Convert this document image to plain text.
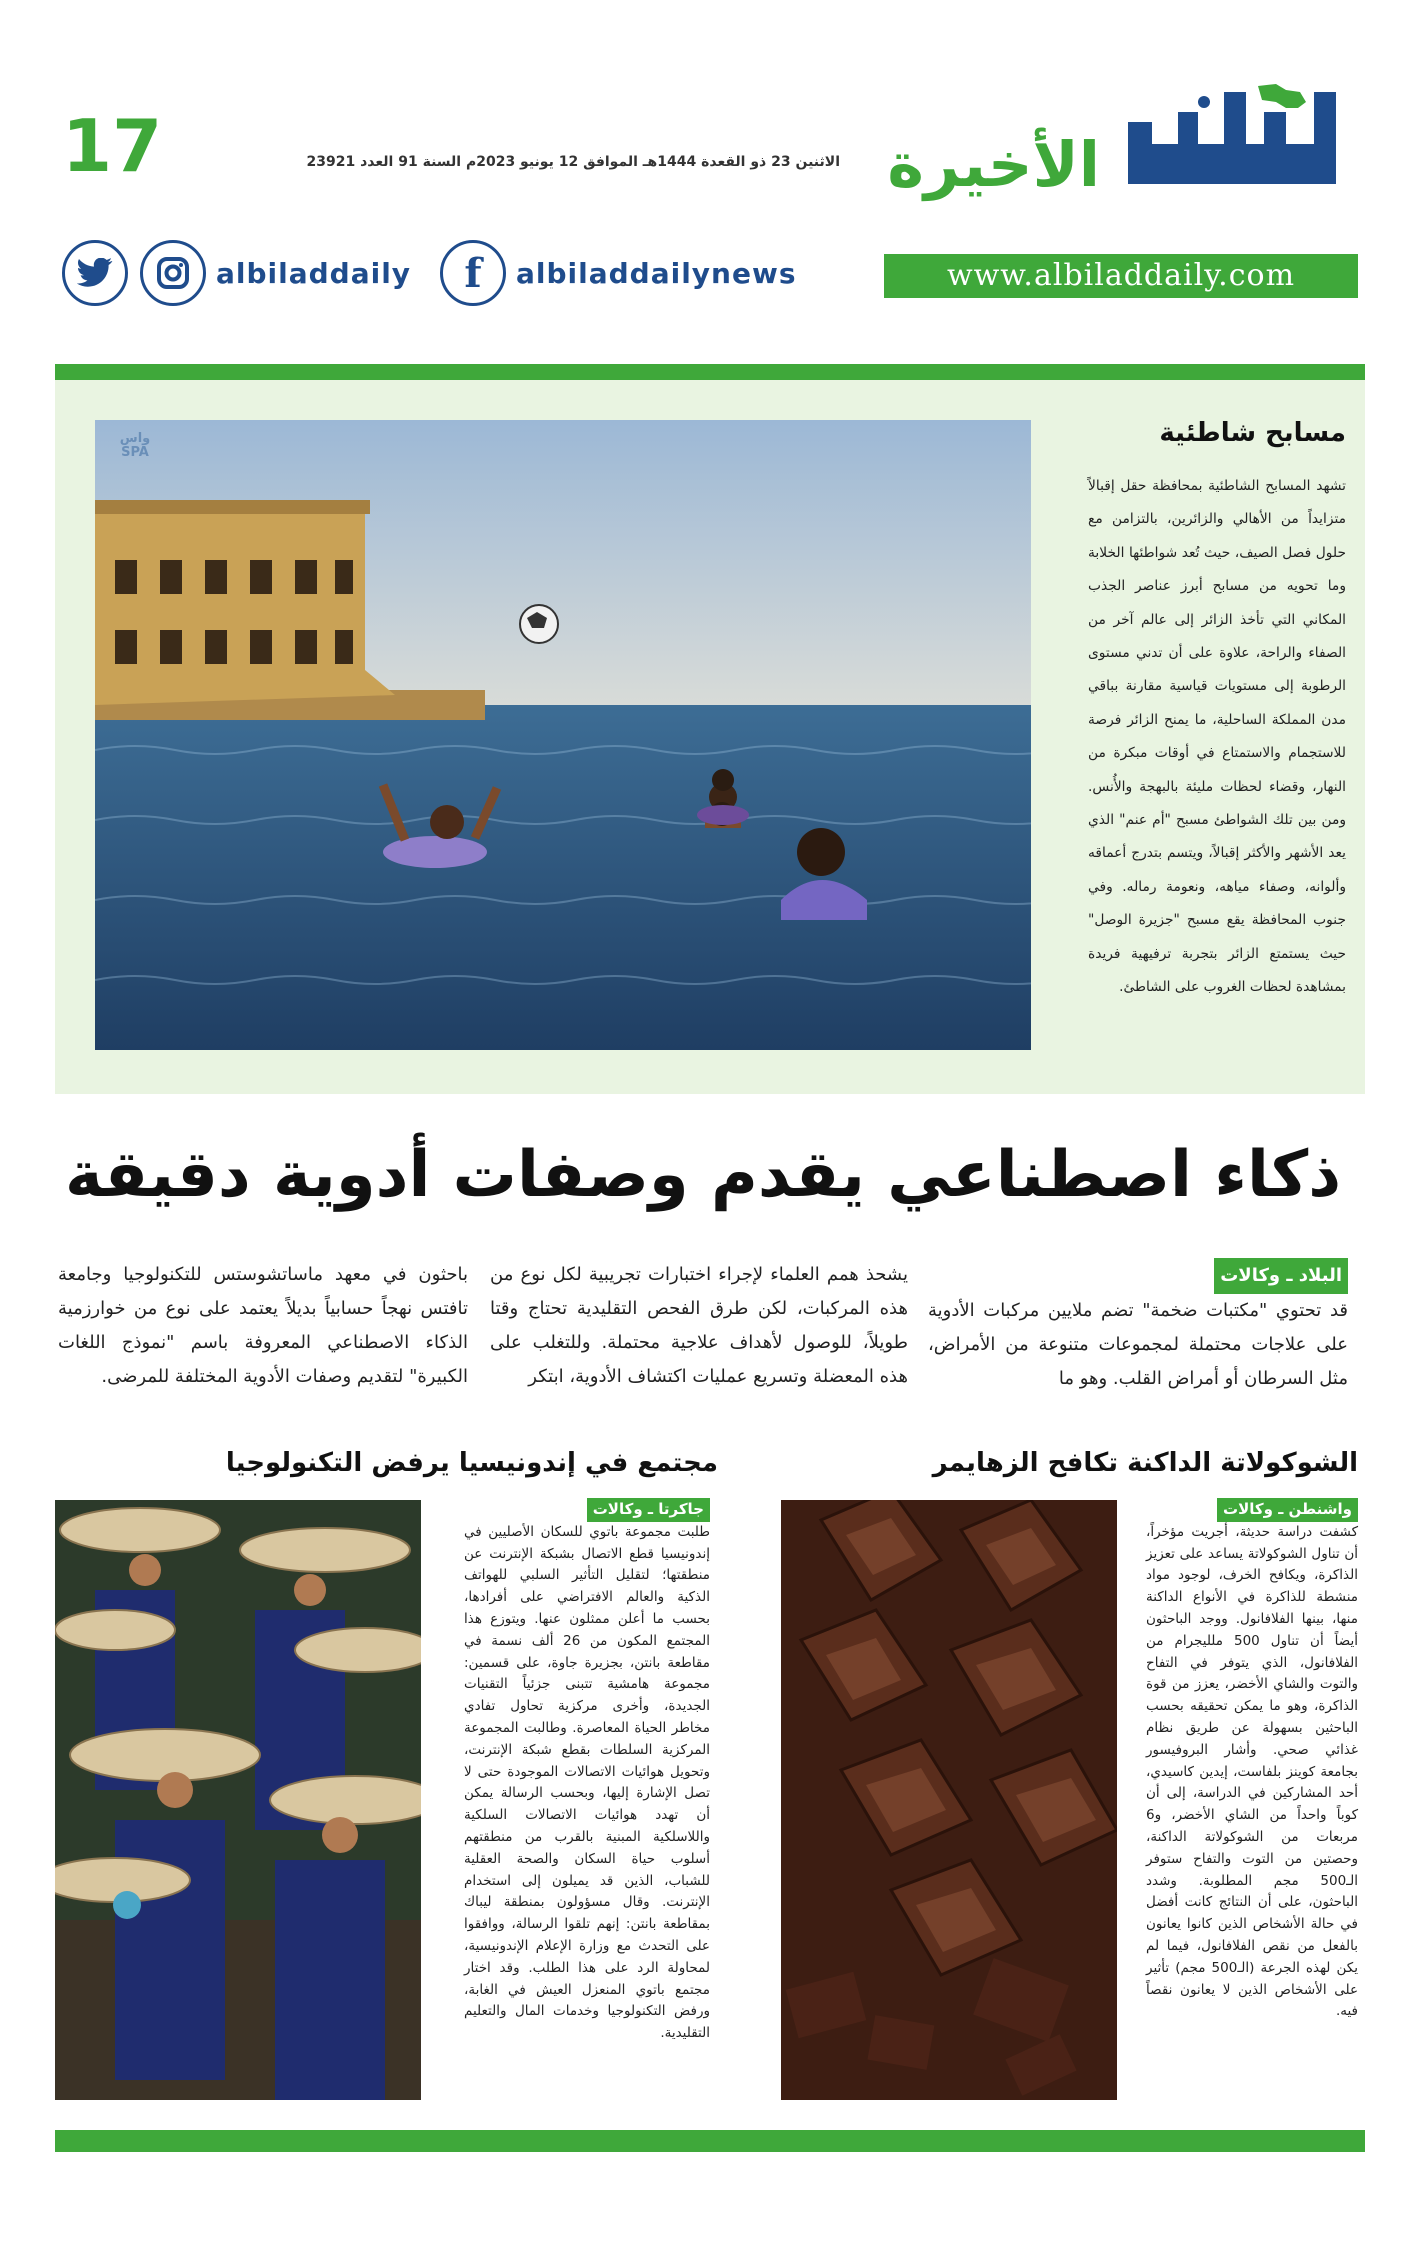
الأخيرة
17	الاثنين 23 ذو القعدة 1444هـ الموافق 12 يونيو 2023م السنة 91 العدد 23921
www.albiladdaily.com
f	albiladdailynews
albiladdaily
واس SPA
مسابح شاطئية
تشهد المسابح الشاطئية بمحافظة حقل إقبالاً متزايداً من الأهالي والزائرين، بالتزامن مع حلول فصل الصيف، حيث تُعد شواطئها الخلابة وما تحويه من مسابح أبرز عناصر الجذب المكاني التي تأخذ الزائر إلى عالم آخر من الصفاء والراحة، علاوة على أن تدني مستوى الرطوبة إلى مستويات قياسية مقارنة بباقي مدن المملكة الساحلية، ما يمنح الزائر فرصة للاستجمام والاستمتاع في أوقات مبكرة من النهار، وقضاء لحظات مليئة بالبهجة والأُنس. ومن بين تلك الشواطئ مسبح "أم عنم" الذي يعد الأشهر والأكثر إقبالاً، ويتسم بتدرج أعماقه وألوانه، وصفاء مياهه، ونعومة رماله. وفي جنوب المحافظة يقع مسبح "جزيرة الوصل" حيث يستمتع الزائر بتجربة ترفيهية فريدة بمشاهدة لحظات الغروب على الشاطئ.
ذكاء اصطناعي يقدم وصفات أدوية دقيقة
البلاد ـ وكالات
قد تحتوي "مكتبات ضخمة" تضم ملايين مركبات الأدوية على علاجات محتملة لمجموعات متنوعة من الأمراض، مثل السرطان أو أمراض القلب. وهو ما
يشحذ همم العلماء لإجراء اختبارات تجريبية لكل نوع من هذه المركبات، لكن طرق الفحص التقليدية تحتاج وقتا طويلاً، للوصول لأهداف علاجية محتملة. وللتغلب على هذه المعضلة وتسريع عمليات اكتشاف الأدوية، ابتكر
باحثون في معهد ماساتشوستس للتكنولوجيا وجامعة تافتس نهجاً حسابياً بديلاً يعتمد على نوع من خوارزمية الذكاء الاصطناعي المعروفة باسم "نموذج اللغات الكبيرة" لتقديم وصفات الأدوية المختلفة للمرضى.
الشوكولاتة الداكنة تكافح الزهايمر
واشنطن ـ وكالات
كشفت دراسة حديثة، أجريت مؤخراً، أن تناول الشوكولاتة يساعد على تعزيز الذاكرة، ويكافح الخرف، لوجود مواد منشطة للذاكرة في الأنواع الداكنة منها، بينها الفلافانول. ووجد الباحثون أيضاً أن تناول 500 ملليجرام من الفلافانول، الذي يتوفر في التفاح والتوت والشاي الأخضر، يعزز من قوة الذاكرة، وهو ما يمكن تحقيقه بحسب الباحثين بسهولة عن طريق نظام غذائي صحي. وأشار البروفيسور بجامعة كوينز بلفاست، إيدين كاسيدي، أحد المشاركين في الدراسة، إلى أن كوباً واحداً من الشاي الأخضر، و6 مربعات من الشوكولاتة الداكنة، وحصتين من التوت والتفاح ستوفر الـ500 مجم المطلوبة. وشدد الباحثون، على أن النتائج كانت أفضل في حالة الأشخاص الذين كانوا يعانون بالفعل من نقص الفلافانول، فيما لم يكن لهذه الجرعة (الـ500 مجم) تأثير على الأشخاص الذين لا يعانون نقصاً فيه.
مجتمع في إندونيسيا يرفض التكنولوجيا
جاكرتا ـ وكالات
طلبت مجموعة باتوي للسكان الأصليين في إندونيسيا قطع الاتصال بشبكة الإنترنت عن منطقتها؛ لتقليل التأثير السلبي للهواتف الذكية والعالم الافتراضي على أفرادها، بحسب ما أعلن ممثلون عنها. ويتوزع هذا المجتمع المكون من 26 ألف نسمة في مقاطعة بانتن، بجزيرة جاوة، على قسمين: مجموعة هامشية تتبنى جزئياً التقنيات الجديدة، وأخرى مركزية تحاول تفادي مخاطر الحياة المعاصرة. وطالبت المجموعة المركزية السلطات بقطع شبكة الإنترنت، وتحويل هوائيات الاتصالات الموجودة حتى لا تصل الإشارة إليها، وبحسب الرسالة يمكن أن تهدد هوائيات الاتصالات السلكية واللاسلكية المبنية بالقرب من منطقتهم أسلوب حياة السكان والصحة العقلية للشباب، الذين قد يميلون إلى استخدام الإنترنت. وقال مسؤولون بمنطقة ليباك بمقاطعة بانتن: إنهم تلقوا الرسالة، ووافقوا على التحدث مع وزارة الإعلام الإندونيسية، لمحاولة الرد على هذا الطلب. وقد اختار مجتمع باتوي المنعزل العيش في الغابة، ورفض التكنولوجيا وخدمات المال والتعليم التقليدية.
